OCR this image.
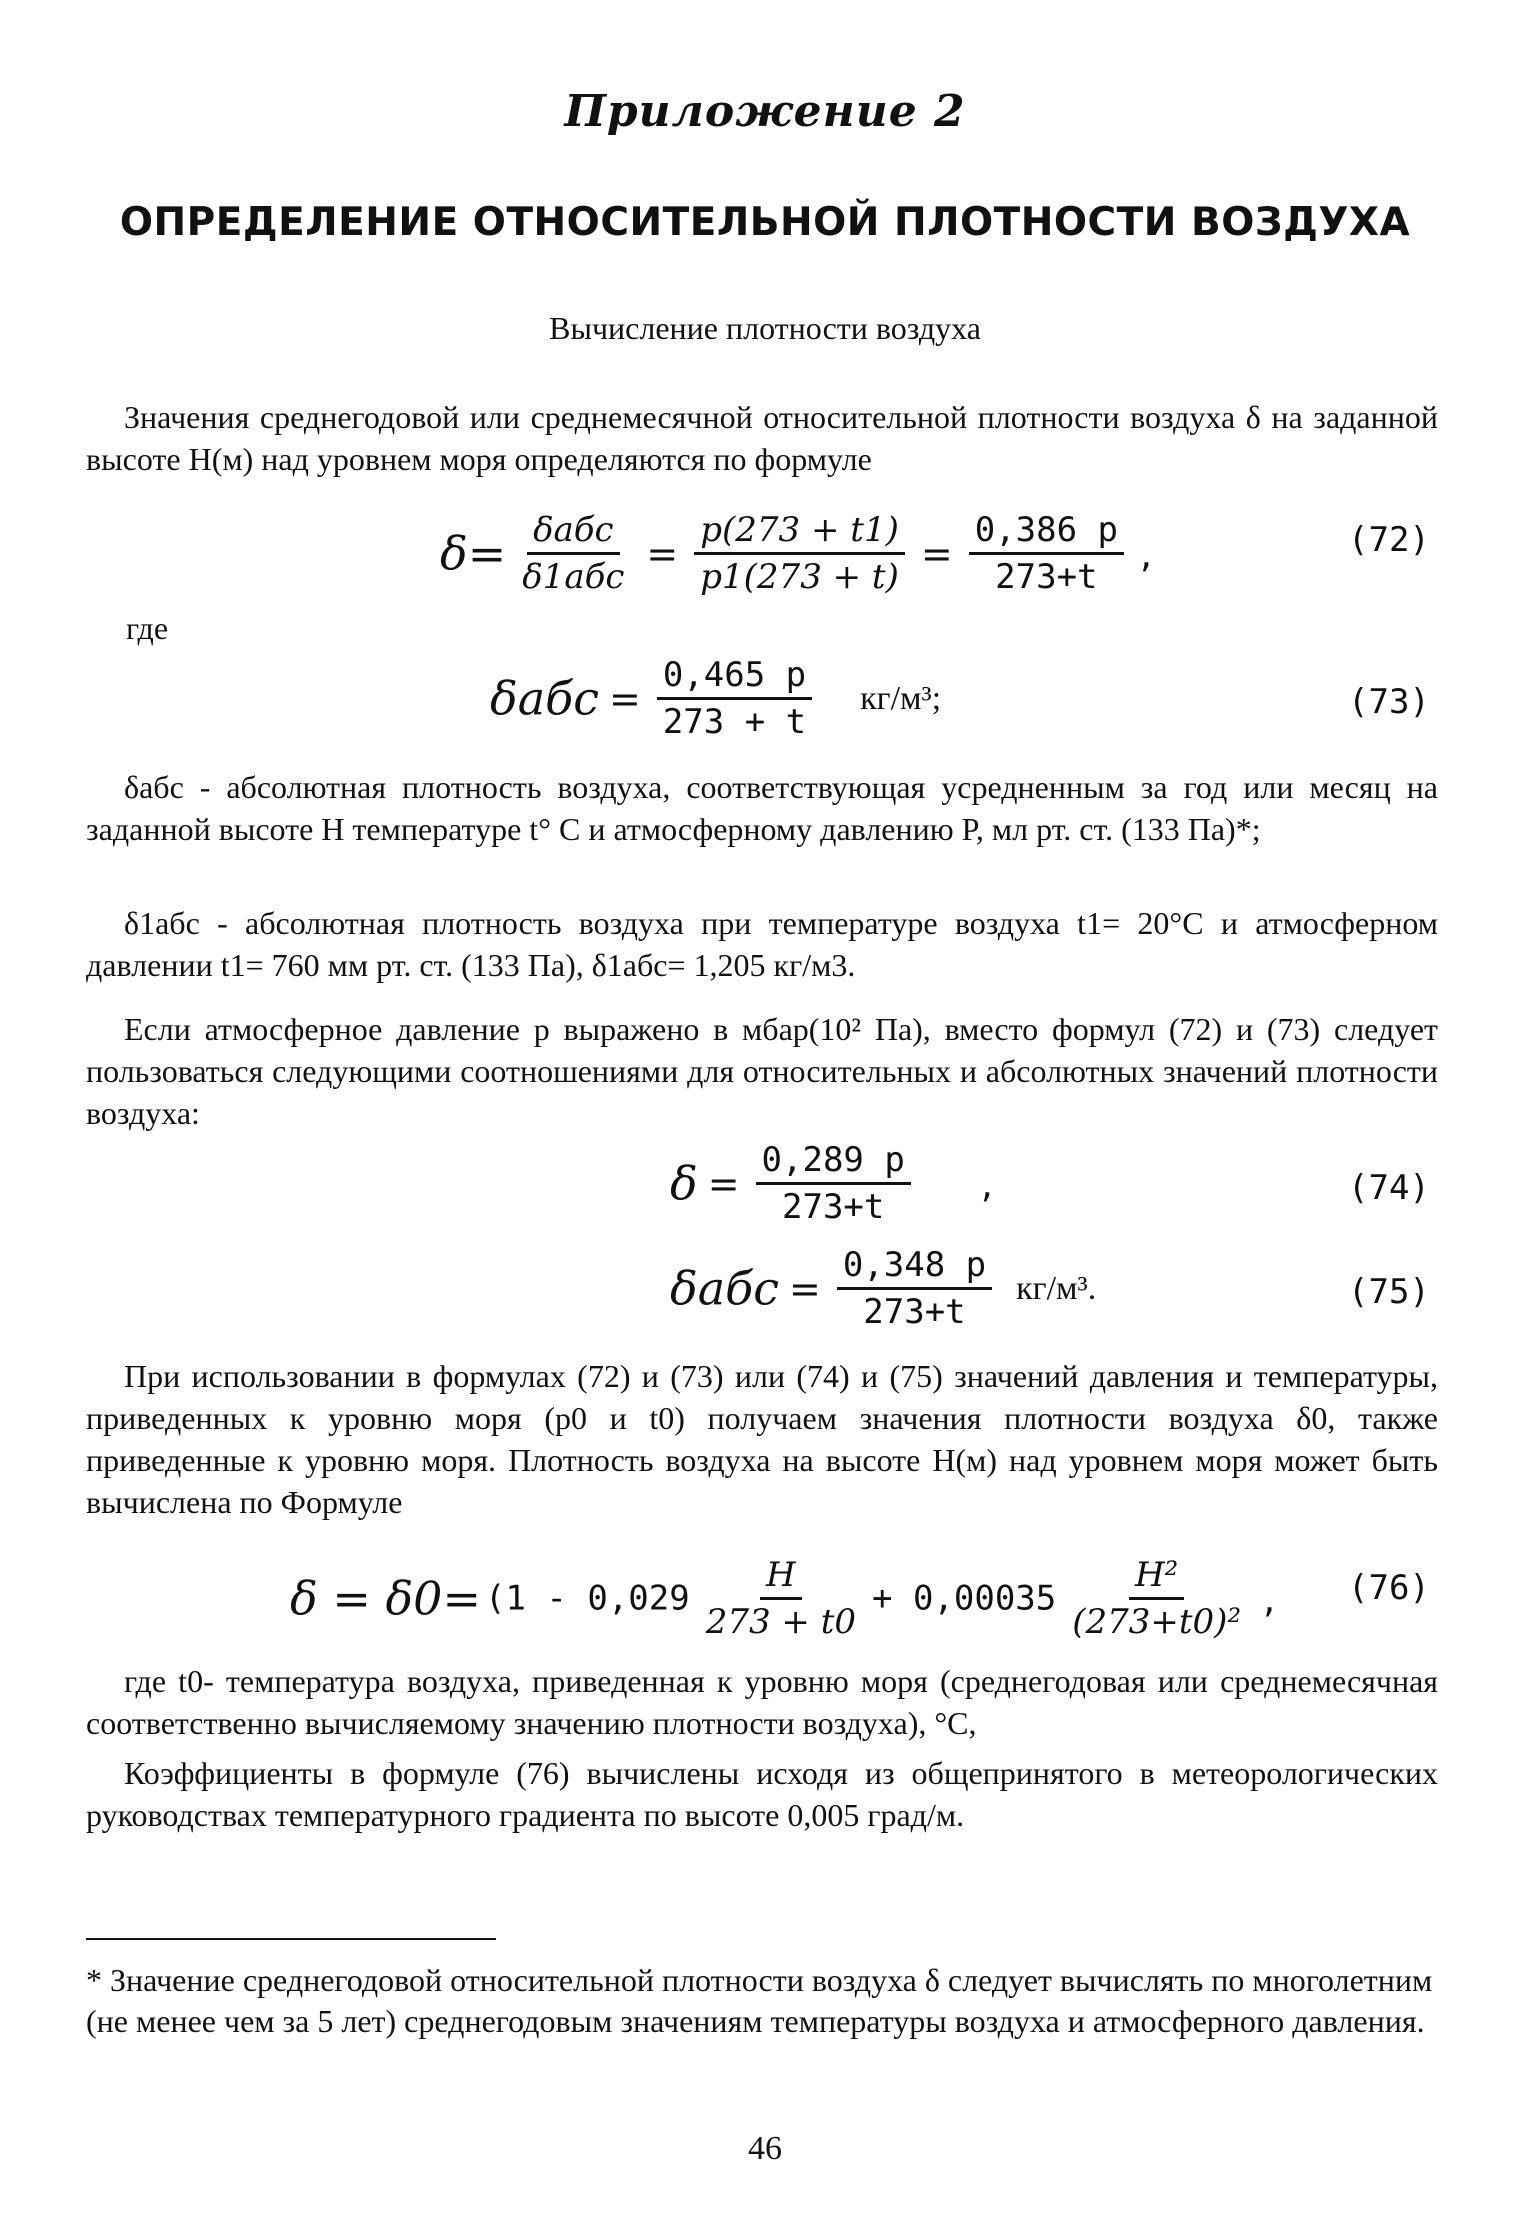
Приложение 2
ОПРЕДЕЛЕНИЕ ОТНОСИТЕЛЬНОЙ ПЛОТНОСТИ ВОЗДУХА
Вычисление плотности воздуха
Значения среднегодовой или среднемесячной относительной плотности воздуха δ на заданной высоте Н(м) над уровнем моря определяются по формуле
$\delta= \frac{\text{δабс}}{\text{δ1абс}} = \frac{p(273 + t1)}{p1(273 + t)} = \frac{0,386 p}{273+t}$ ,	(72)
где
$\delta абс = \frac{0,465 p}{273 + t} кг/м^3$;	(73)
δабс - абсолютная плотность воздуха, соответствующая усредненным за год или месяц на заданной высоте Н температуре t° C и атмосферному давлению P, мл рт. ст. (133 Па)*;
δ1абс - абсолютная плотность воздуха при температуре воздуха t1= 20°С и атмосферном давлении t1= 760 мм рт. ст. (133 Па), δ1абс= 1,205 кг/м3.
Если атмосферное давление p выражено в мбар(10² Па), вместо формул (72) и (73) следует пользоваться следующими соотношениями для относительных и абсолютных значений плотности воздуха:
$\delta = \frac{0,289 p}{273+t}$ ,	(74)
$\delta абс = \frac{0,348 p}{273+t} кг/м^3$.	(75)
При использовании в формулах (72) и (73) или (74) и (75) значений давления и температуры, приведенных к уровню моря (p0 и t0) получаем значения плотности воздуха δ0, также приведенные к уровню моря. Плотность воздуха на высоте Н(м) над уровнем моря может быть вычислена по Формуле
$\delta = \delta 0= (1 - 0,029 \frac{H}{273 + t0} + 0,00035 \frac{\text{H²}}{\text{(273+t0)²}}$ , (76)
где t0- температура воздуха, приведенная к уровню моря (среднегодовая или среднемесячная соответственно вычисляемому значению плотности воздуха), °С,
Коэффициенты в формуле (76) вычислены исходя из общепринятого в метеорологических руководствах температурного градиента по высоте 0,005 град/м.
* Значение среднегодовой относительной плотности воздуха δ следует вычислять по многолетним (не менее чем за 5 лет) среднегодовым значениям температуры воздуха и атмосферного давления.
46
